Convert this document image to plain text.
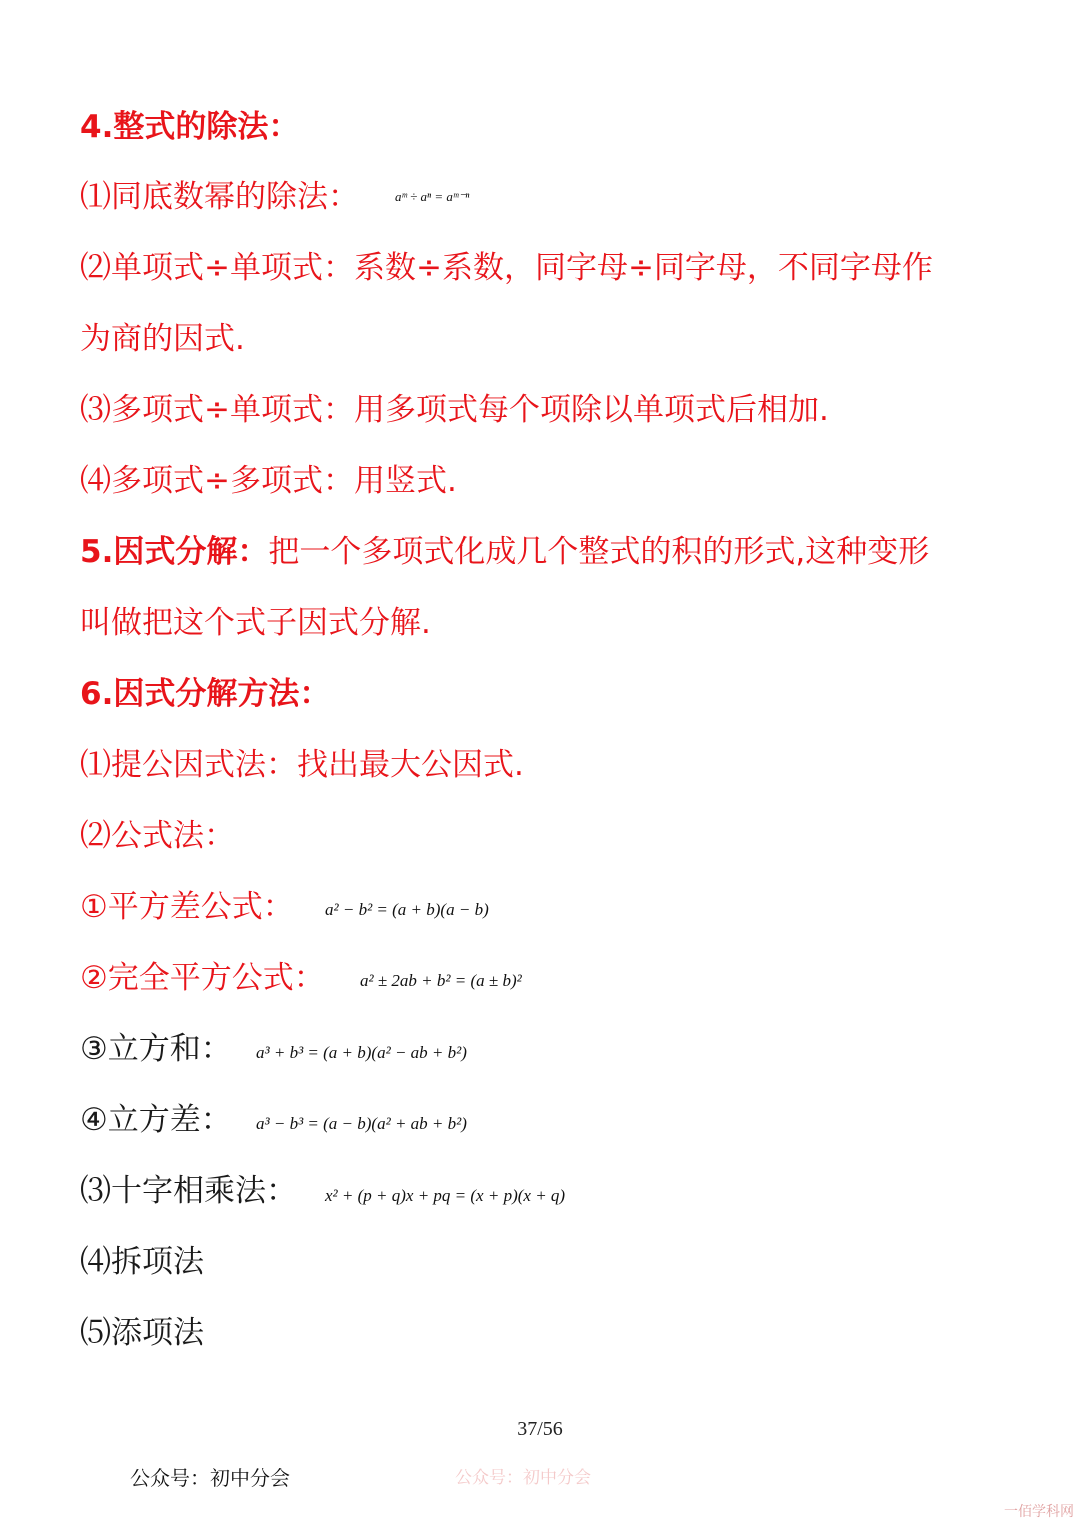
4.整式的除法：
⑴同底数幂的除法：	aᵐ ÷ aⁿ = aᵐ⁻ⁿ
⑵单项式÷单项式：系数÷系数，同字母÷同字母，不同字母作
为商的因式.
⑶多项式÷单项式：用多项式每个项除以单项式后相加.
⑷多项式÷多项式：用竖式.
5.因式分解：把一个多项式化成几个整式的积的形式,这种变形
叫做把这个式子因式分解.
6.因式分解方法：
⑴提公因式法：找出最大公因式.
⑵公式法：
①平方差公式： a² − b² = (a + b)(a − b)
②完全平方公式： a² ± 2ab + b² = (a ± b)²
③立方和： a³ + b³ = (a + b)(a² − ab + b²)
④立方差： a³ − b³ = (a − b)(a² + ab + b²)
⑶十字相乘法： x² + (p + q)x + pq = (x + p)(x + q)
⑷拆项法
⑸添项法
37/56
公众号：初中分会	公众号：初中分会
一佰学科网
